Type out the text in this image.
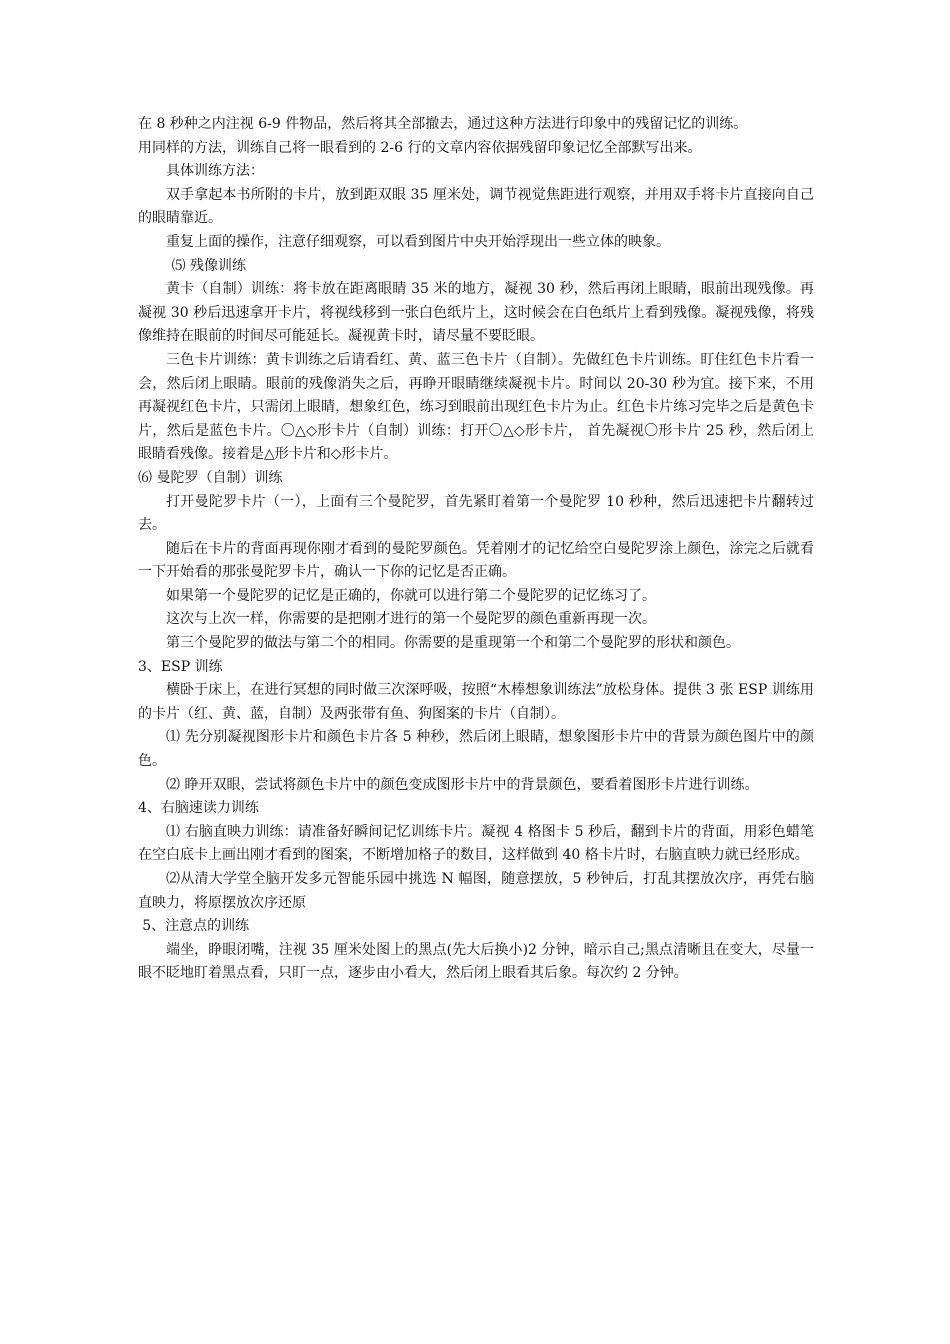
在 8 秒种之内注视 6-9 件物品，然后将其全部撤去，通过这种方法进行印象中的残留记忆的训练。

用同样的方法，训练自己将一眼看到的 2-6 行的文章内容依据残留印象记忆全部默写出来。

具体训练方法：

双手拿起本书所附的卡片，放到距双眼 35 厘米处，调节视觉焦距进行观察，并用双手将卡片直接向自己的眼睛靠近。

重复上面的操作，注意仔细观察，可以看到图片中央开始浮现出一些立体的映象。

⑸ 残像训练

黄卡（自制）训练：将卡放在距离眼睛 35 米的地方，凝视 30 秒，然后再闭上眼睛，眼前出现残像。再凝视 30 秒后迅速拿开卡片，将视线移到一张白色纸片上，这时候会在白色纸片上看到残像。凝视残像，将残像维持在眼前的时间尽可能延长。凝视黄卡时，请尽量不要眨眼。

三色卡片训练：黄卡训练之后请看红、黄、蓝三色卡片（自制）。先做红色卡片训练。盯住红色卡片看一会，然后闭上眼睛。眼前的残像消失之后，再睁开眼睛继续凝视卡片。时间以 20-30 秒为宜。接下来，不用再凝视红色卡片，只需闭上眼睛，想象红色，练习到眼前出现红色卡片为止。红色卡片练习完毕之后是黄色卡片，然后是蓝色卡片。〇△◇形卡片（自制）训练：打开〇△◇形卡片， 首先凝视〇形卡片 25 秒，然后闭上眼睛看残像。接着是△形卡片和◇形卡片。

⑹ 曼陀罗（自制）训练

打开曼陀罗卡片（一），上面有三个曼陀罗，首先紧盯着第一个曼陀罗 10 秒种，然后迅速把卡片翻转过去。

随后在卡片的背面再现你刚才看到的曼陀罗颜色。凭着刚才的记忆给空白曼陀罗涂上颜色，涂完之后就看一下开始看的那张曼陀罗卡片，确认一下你的记忆是否正确。

如果第一个曼陀罗的记忆是正确的，你就可以进行第二个曼陀罗的记忆练习了。

这次与上次一样，你需要的是把刚才进行的第一个曼陀罗的颜色重新再现一次。

第三个曼陀罗的做法与第二个的相同。你需要的是重现第一个和第二个曼陀罗的形状和颜色。

3、ESP 训练

横卧于床上，在进行冥想的同时做三次深呼吸，按照“木棒想象训练法”放松身体。提供 3 张 ESP 训练用的卡片（红、黄、蓝，自制）及两张带有鱼、狗图案的卡片（自制）。

⑴ 先分别凝视图形卡片和颜色卡片各 5 种秒，然后闭上眼睛，想象图形卡片中的背景为颜色图片中的颜色。

⑵ 睁开双眼，尝试将颜色卡片中的颜色变成图形卡片中的背景颜色，要看着图形卡片进行训练。

4、右脑速读力训练

⑴ 右脑直映力训练：请准备好瞬间记忆训练卡片。凝视 4 格图卡 5 秒后，翻到卡片的背面，用彩色蜡笔在空白底卡上画出刚才看到的图案，不断增加格子的数目，这样做到 40 格卡片时，右脑直映力就已经形成。

⑵从清大学堂全脑开发多元智能乐园中挑选 N 幅图，随意摆放，5 秒钟后，打乱其摆放次序，再凭右脑直映力，将原摆放次序还原

5、注意点的训练

端坐，睁眼闭嘴，注视 35 厘米处图上的黑点(先大后换小)2 分钟，暗示自己;黑点清晰且在变大，尽量一眼不眨地盯着黑点看，只盯一点，逐步由小看大，然后闭上眼看其后象。每次约 2 分钟。
